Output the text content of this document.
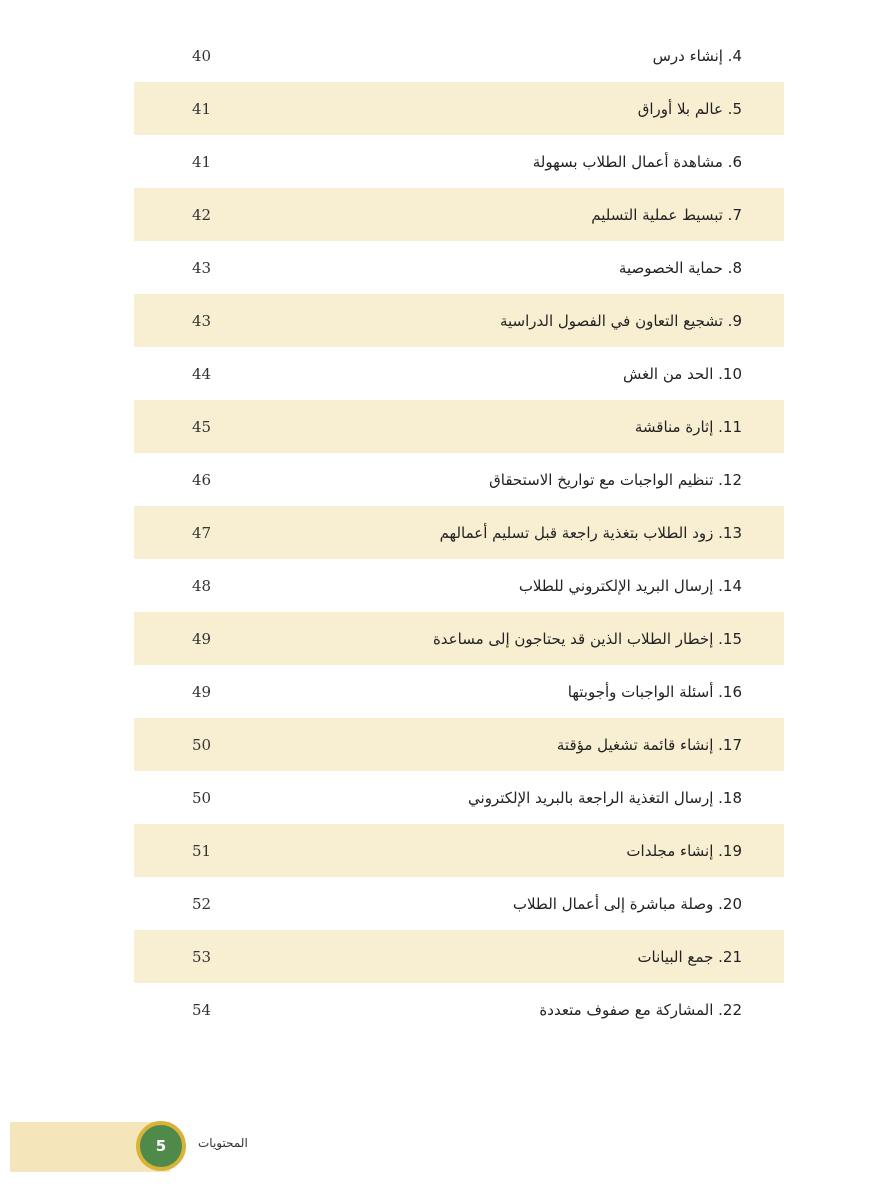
40	4. إنشاء درس
41	5. عالم بلا أوراق
41	6. مشاهدة أعمال الطلاب بسهولة
42	7. تبسيط عملية التسليم
43	8. حماية الخصوصية
43	9. تشجيع التعاون في الفصول الدراسية
44	10. الحد من الغش
45	11. إثارة مناقشة
46	12. تنظيم الواجبات مع تواريخ الاستحقاق
47	13. زود الطلاب بتغذية راجعة قبل تسليم أعمالهم
48	14. إرسال البريد الإلكتروني للطلاب
49	15. إخطار الطلاب الذين قد يحتاجون إلى مساعدة
49	16. أسئلة الواجبات وأجوبتها
50	17. إنشاء قائمة تشغيل مؤقتة
50	18. إرسال التغذية الراجعة بالبريد الإلكتروني
51	19. إنشاء مجلدات
52	20. وصلة مباشرة إلى أعمال الطلاب
53	21. جمع البيانات
54	22. المشاركة مع صفوف متعددة
5	المحتويات
